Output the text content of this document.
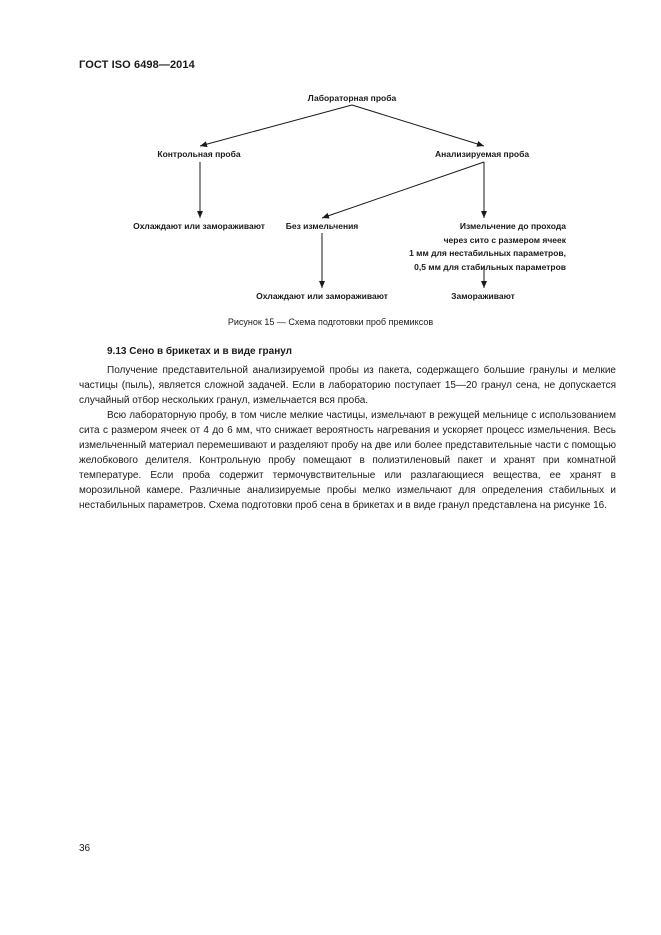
ГОСТ ISO 6498—2014
Лабораторная проба
Контрольная проба	Анализируемая проба
Охлаждают или замораживают Без измельчения	Измельчение до прохода
через сито с размером ячеек
1 мм для нестабильных параметров,
0,5 мм для стабильных параметров
Охлаждают или замораживают	Замораживают
Рисунок 15 — Схема подготовки проб премиксов
9.13 Сено в брикетах и в виде гранул

Получение представительной анализируемой пробы из пакета, содержащего большие гранулы и мелкие частицы (пыль), является сложной задачей. Если в лабораторию поступает 15—20 гранул сена, не допускается случайный отбор нескольких гранул, измельчается вся проба.

Всю лабораторную пробу, в том числе мелкие частицы, измельчают в режущей мельнице с использованием сита с размером ячеек от 4 до 6 мм, что снижает вероятность нагревания и ускоряет процесс измельчения. Весь измельченный материал перемешивают и разделяют пробу на две или более представительные части с помощью желобкового делителя. Контрольную пробу помещают в полиэтиленовый пакет и хранят при комнатной температуре. Если проба содержит термочувствительные или разлагающиеся вещества, ее хранят в морозильной камере. Различные анализируемые пробы мелко измельчают для определения стабильных и нестабильных параметров. Схема подготовки проб сена в брикетах и в виде гранул представлена на рисунке 16.

36
